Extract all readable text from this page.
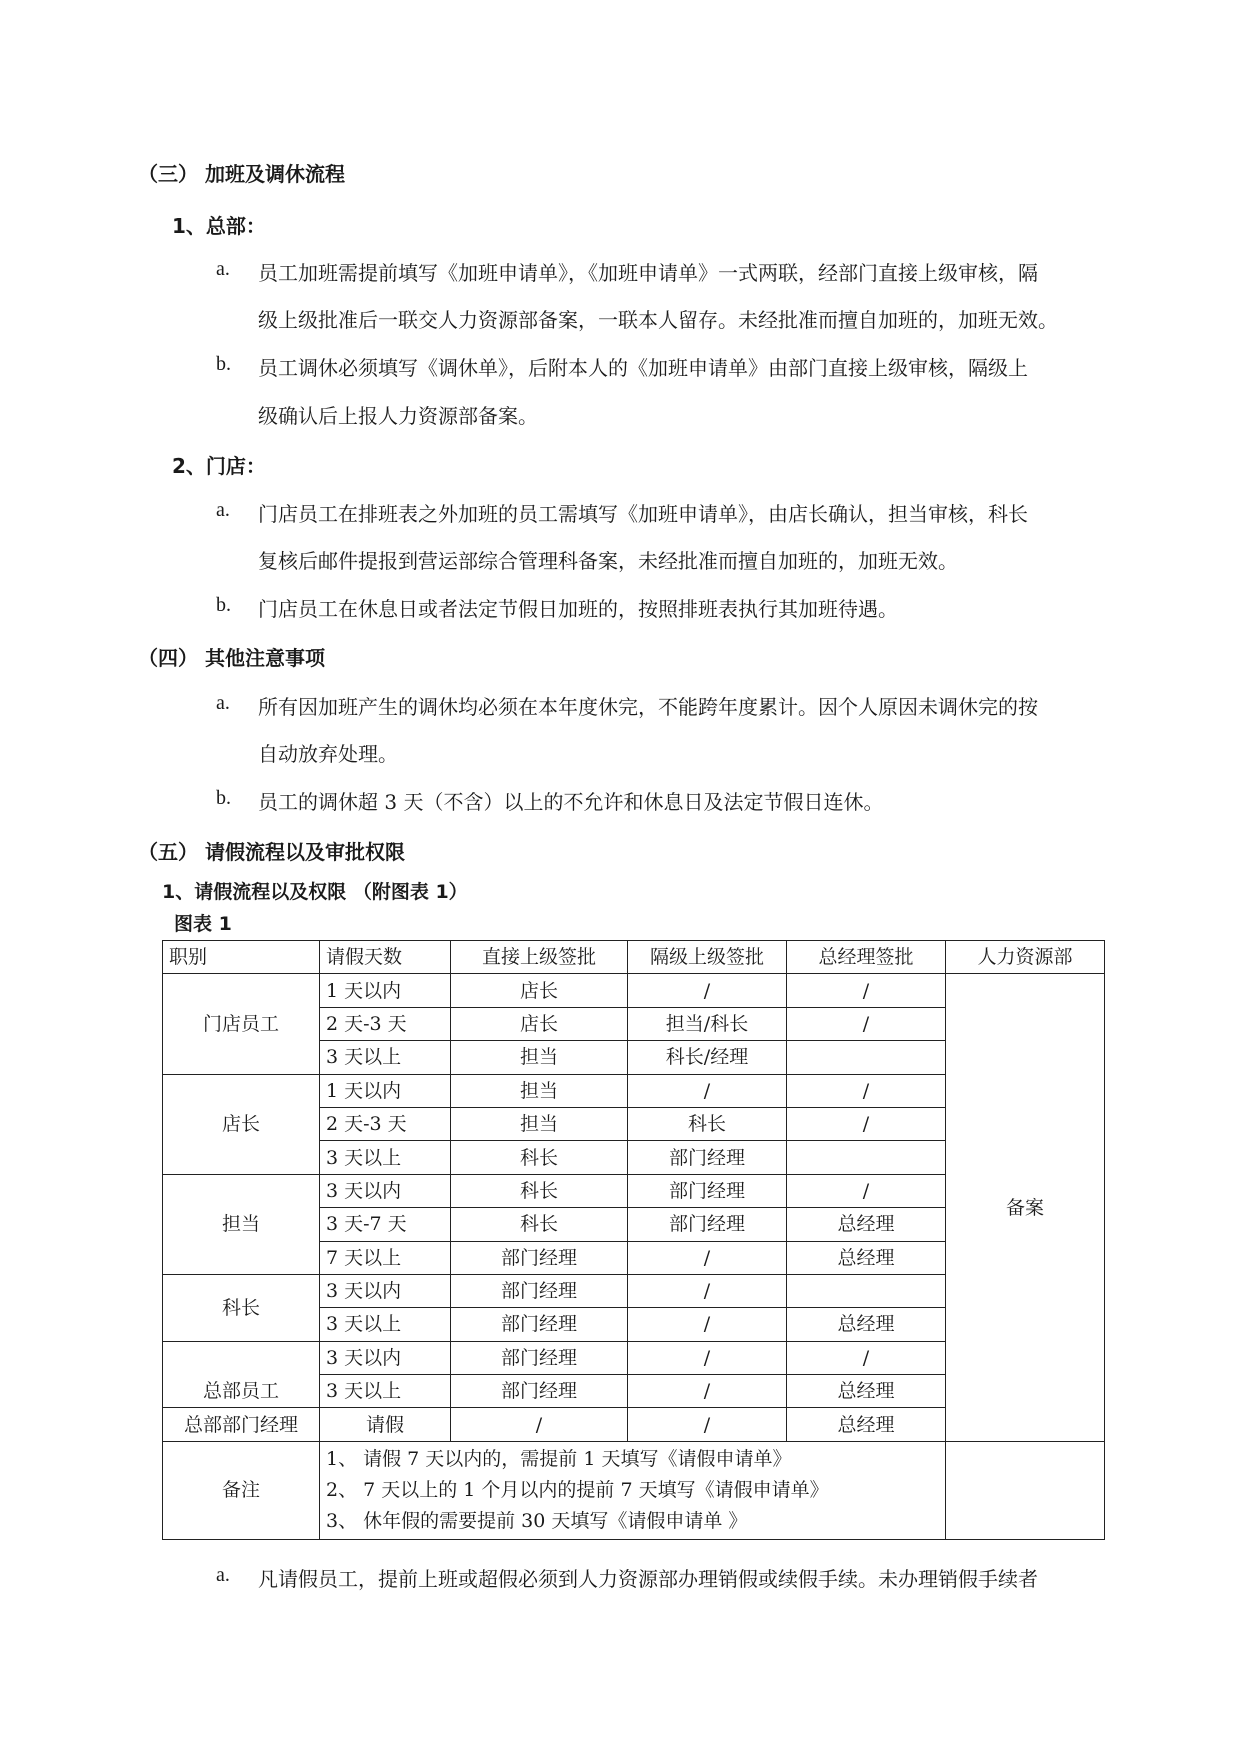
（三） 加班及调休流程
1、总部：
a. 员工加班需提前填写《加班申请单》，《加班申请单》一式两联，经部门直接上级审核，隔
级上级批准后一联交人力资源部备案，一联本人留存。未经批准而擅自加班的，加班无效。
b. 员工调休必须填写《调休单》，后附本人的《加班申请单》由部门直接上级审核，隔级上
级确认后上报人力资源部备案。
2、门店：
a. 门店员工在排班表之外加班的员工需填写《加班申请单》，由店长确认，担当审核，科长
复核后邮件提报到营运部综合管理科备案，未经批准而擅自加班的，加班无效。
b. 门店员工在休息日或者法定节假日加班的，按照排班表执行其加班待遇。
（四） 其他注意事项
a. 所有因加班产生的调休均必须在本年度休完，不能跨年度累计。因个人原因未调休完的按
自动放弃处理。
b. 员工的调休超 3 天（不含）以上的不允许和休息日及法定节假日连休。
（五） 请假流程以及审批权限
1、请假流程以及权限 （附图表 1）
图表 1
职别	请假天数	直接上级签批	隔级上级签批	总经理签批	人力资源部
门店员工	1 天以内	店长	/	/	备案
	2 天-3 天	店长	担当/科长	/	
	3 天以上	担当	科长/经理		
店长	1 天以内	担当	/	/	
	2 天-3 天	担当	科长	/	
	3 天以上	科长	部门经理		
担当	3 天以内	科长	部门经理	/	
	3 天-7 天	科长	部门经理	总经理	
	7 天以上	部门经理	/	总经理	
科长	3 天以内	部门经理	/		
	3 天以上	部门经理	/	总经理	
总部员工	3 天以内	部门经理	/	/	
	3 天以上	部门经理	/	总经理	
总部部门经理	请假	/	/	总经理	
备注	1、 请假 7 天以内的，需提前 1 天填写《请假申请单》
2、 7 天以上的 1 个月以内的提前 7 天填写《请假申请单》
3、 休年假的需要提前 30 天填写《请假申请单 》				

a. 凡请假员工，提前上班或超假必须到人力资源部办理销假或续假手续。未办理销假手续者
